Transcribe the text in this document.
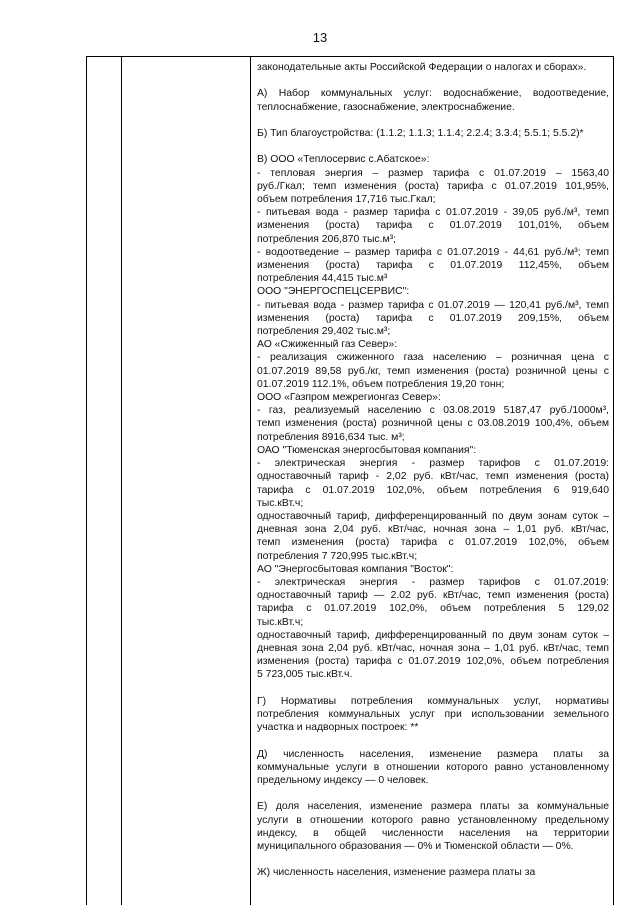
13
законодательные акты Российской Федерации о налогах и сборах».

А) Набор коммунальных услуг: водоснабжение, водоотведение,
теплоснабжение, газоснабжение, электроснабжение.

Б) Тип благоустройства: (1.1.2; 1.1.3; 1.1.4; 2.2.4; 3.3.4; 5.5.1; 5.5.2)*

В) ООО «Теплосервис с.Абатское»:
- тепловая энергия – размер тарифа с 01.07.2019 – 1563,40
руб./Гкал; темп изменения (роста) тарифа с 01.07.2019 101,95%,
объем потребления 17,716 тыс.Гкал;
- питьевая вода - размер тарифа с 01.07.2019 - 39,05 руб./м³, темп
изменения (роста) тарифа с 01.07.2019 101,01%, объем
потребления 206,870 тыс.м³;
- водоотведение – размер тарифа с 01.07.2019 - 44,61 руб./м³; темп
изменения (роста) тарифа с 01.07.2019 112,45%, объем
потребления 44,415 тыс.м³
ООО "ЭНЕРГОСПЕЦСЕРВИС":
- питьевая вода - размер тарифа с 01.07.2019 — 120,41 руб./м³, темп
изменения (роста) тарифа с 01.07.2019 209,15%, объем
потребления 29,402 тыс.м³;
АО «Сжиженный газ Север»:
- реализация сжиженного газа населению – розничная цена с
01.07.2019 89,58 руб./кг, темп изменения (роста) розничной цены с
01.07.2019 112.1%, объем потребления 19,20 тонн;
ООО «Газпром межрегионгаз Север»:
- газ, реализуемый населению с 03.08.2019 5187,47 руб./1000м³,
темп изменения (роста) розничной цены с 03.08.2019 100,4%, объем
потребления 8916,634 тыс. м³;
ОАО "Тюменская энергосбытовая компания":
- электрическая энергия - размер тарифов с 01.07.2019:
одноставочный тариф - 2,02 руб. кВт/час, темп изменения (роста)
тарифа с 01.07.2019 102,0%, объем потребления 6 919,640
тыс.кВт.ч;
одноставочный тариф, дифференцированный по двум зонам суток –
дневная зона 2,04 руб. кВт/час, ночная зона – 1,01 руб. кВт/час,
темп изменения (роста) тарифа с 01.07.2019 102,0%, объем
потребления 7 720,995 тыс.кВт.ч;
АО "Энергосбытовая компания "Восток":
- электрическая энергия - размер тарифов с 01.07.2019:
одноставочный тариф — 2.02 руб. кВт/час, темп изменения (роста)
тарифа с 01.07.2019 102,0%, объем потребления 5 129,02
тыс.кВт.ч;
одноставочный тариф, дифференцированный по двум зонам суток –
дневная зона 2,04 руб. кВт/час, ночная зона – 1,01 руб. кВт/час, темп
изменения (роста) тарифа с 01.07.2019 102,0%, объем потребления
5 723,005 тыс.кВт.ч.

Г) Нормативы потребления коммунальных услуг, нормативы
потребления коммунальных услуг при использовании земельного
участка и надворных построек: **

Д) численность населения, изменение размера платы за
коммунальные услуги в отношении которого равно установленному
предельному индексу — 0 человек.

Е) доля населения, изменение размера платы за коммунальные
услуги в отношении которого равно установленному предельному
индексу, в общей численности населения на территории
муниципального образования — 0% и Тюменской области — 0%.

Ж) численность населения, изменение размера платы за
